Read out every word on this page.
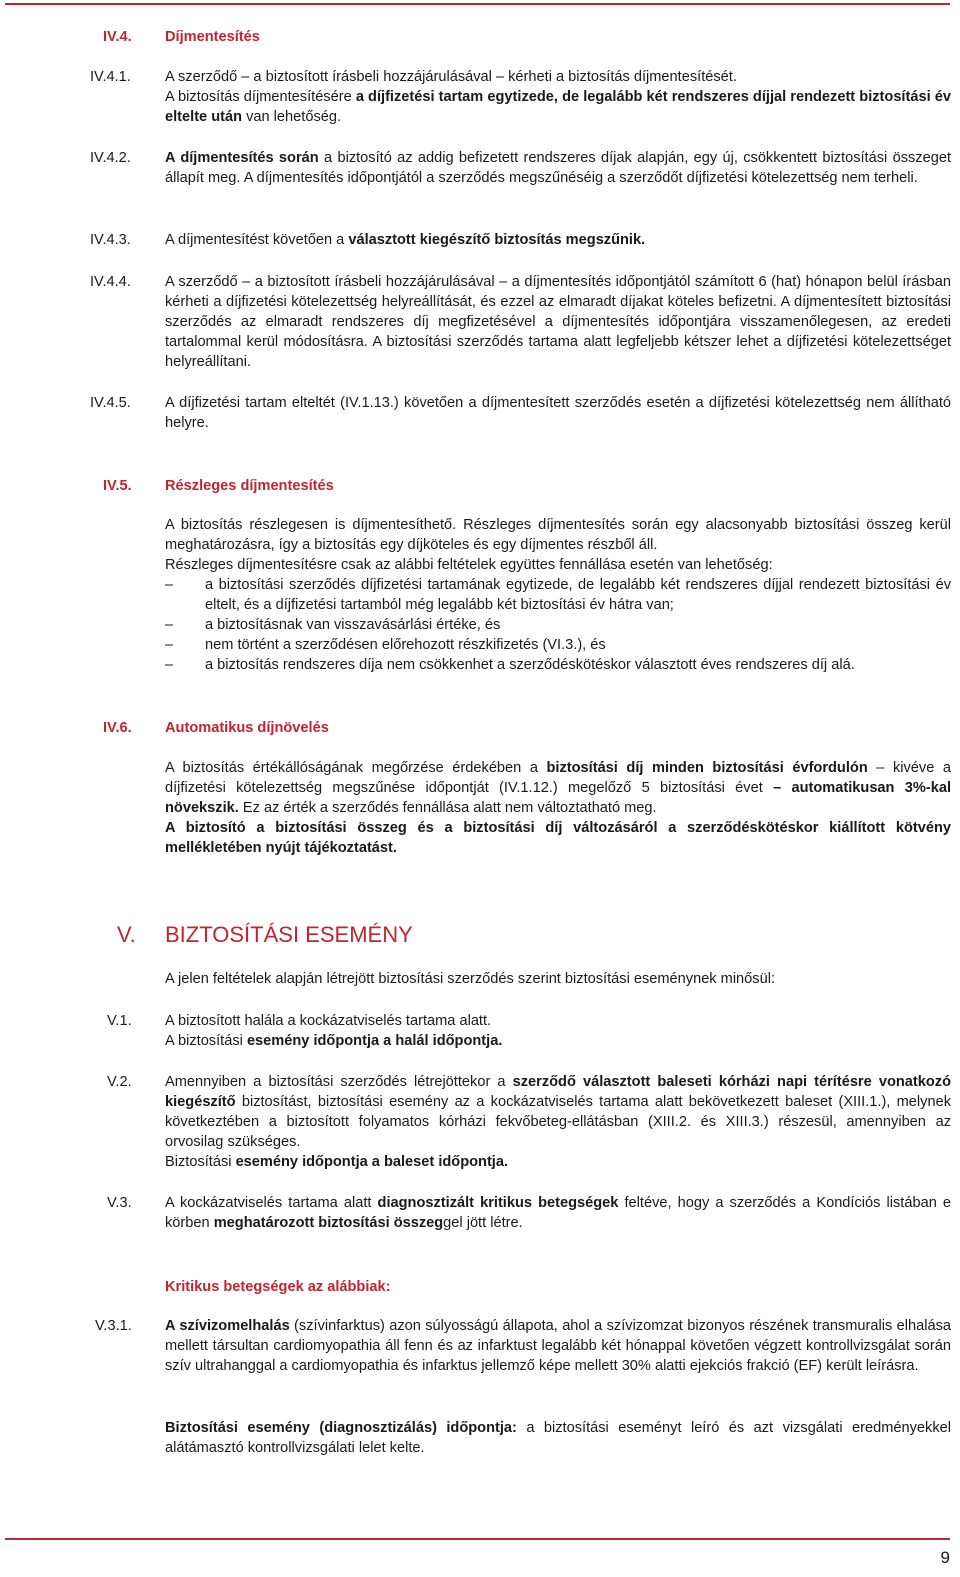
IV.4. Díjmentesítés
IV.4.1. A szerződő – a biztosított írásbeli hozzájárulásával – kérheti a biztosítás díjmentesítését.

A biztosítás díjmentesítésére a díjfizetési tartam egytizede, de legalább két rendszeres díjjal rendezett biztosítási év eltelte után van lehetőség.

IV.4.2. A díjmentesítés során a biztosító az addig befizetett rendszeres díjak alapján, egy új, csökkentett biztosítási összeget állapít meg. A díjmentesítés időpontjától a szerződés megszűnéséig a szerződőt díjfizetési kötelezettség nem terheli.

IV.4.3. A díjmentesítést követően a választott kiegészítő biztosítás megszűnik.

IV.4.4. A szerződő – a biztosított írásbeli hozzájárulásával – a díjmentesítés időpontjától számított 6 (hat) hónapon belül írásban kérheti a díjfizetési kötelezettség helyreállítását, és ezzel az elmaradt díjakat köteles befizetni. A díjmentesített biztosítási szerződés az elmaradt rendszeres díj megfizetésével a díjmentesítés időpontjára visszamenőlegesen, az eredeti tartalommal kerül módosításra. A biztosítási szerződés tartama alatt legfeljebb kétszer lehet a díjfizetési kötelezettséget helyreállítani.

IV.4.5. A díjfizetési tartam elteltét (IV.1.13.) követően a díjmentesített szerződés esetén a díjfizetési kötelezettség nem állítható helyre.

IV.5. Részleges díjmentesítés

A biztosítás részlegesen is díjmentesíthető. Részleges díjmentesítés során egy alacsonyabb biztosítási összeg kerül meghatározásra, így a biztosítás egy díjköteles és egy díjmentes részből áll.

Részleges díjmentesítésre csak az alábbi feltételek együttes fennállása esetén van lehetőség:

– a biztosítási szerződés díjfizetési tartamának egytizede, de legalább két rendszeres díjjal rendezett biztosítási év eltelt, és a díjfizetési tartamból még legalább két biztosítási év hátra van;
– a biztosításnak van visszavásárlási értéke, és
– nem történt a szerződésen előrehozott részkifizetés (VI.3.), és
– a biztosítás rendszeres díja nem csökkenhet a szerződéskötéskor választott éves rendszeres díj alá.
IV.6. Automatikus díjnövelés

A biztosítás értékállóságának megőrzése érdekében a biztosítási díj minden biztosítási évfordulón – kivéve a díjfizetési kötelezettség megszűnése időpontját (IV.1.12.) megelőző 5 biztosítási évet – automatikusan 3%-kal növekszik. Ez az érték a szerződés fennállása alatt nem változtatható meg.

A biztosító a biztosítási összeg és a biztosítási díj változásáról a szerződéskötéskor kiállított kötvény mellékletében nyújt tájékoztatást.

V. BIZTOSÍTÁSI ESEMÉNY

A jelen feltételek alapján létrejött biztosítási szerződés szerint biztosítási eseménynek minősül:

V.1. A biztosított halála a kockázatviselés tartama alatt.

A biztosítási esemény időpontja a halál időpontja.

V.2. Amennyiben a biztosítási szerződés létrejöttekor a szerződő választott baleseti kórházi napi térítésre vonatkozó kiegészítő biztosítást, biztosítási esemény az a kockázatviselés tartama alatt bekövetkezett baleset (XIII.1.), melynek következtében a biztosított folyamatos kórházi fekvőbeteg-ellátásban (XIII.2. és XIII.3.) részesül, amennyiben az orvosilag szükséges.

Biztosítási esemény időpontja a baleset időpontja.

V.3. A kockázatviselés tartama alatt diagnosztizált kritikus betegségek feltéve, hogy a szerződés a Kondíciós listában e körben meghatározott biztosítási összeggel jött létre.

Kritikus betegségek az alábbiak:
V.3.1. A szívizomelhalás (szívinfarktus) azon súlyosságú állapota, ahol a szívizomzat bizonyos részének transmuralis elhalása mellett társultan cardiomyopathia áll fenn és az infarktust legalább két hónappal követően végzett kontrollvizsgálat során szív ultrahanggal a cardiomyopathia és infarktus jellemző képe mellett 30% alatti ejekciós frakció (EF) került leírásra.

Biztosítási esemény (diagnosztizálás) időpontja: a biztosítási eseményt leíró és azt vizsgálati eredményekkel alátámasztó kontrollvizsgálati lelet kelte.

9
